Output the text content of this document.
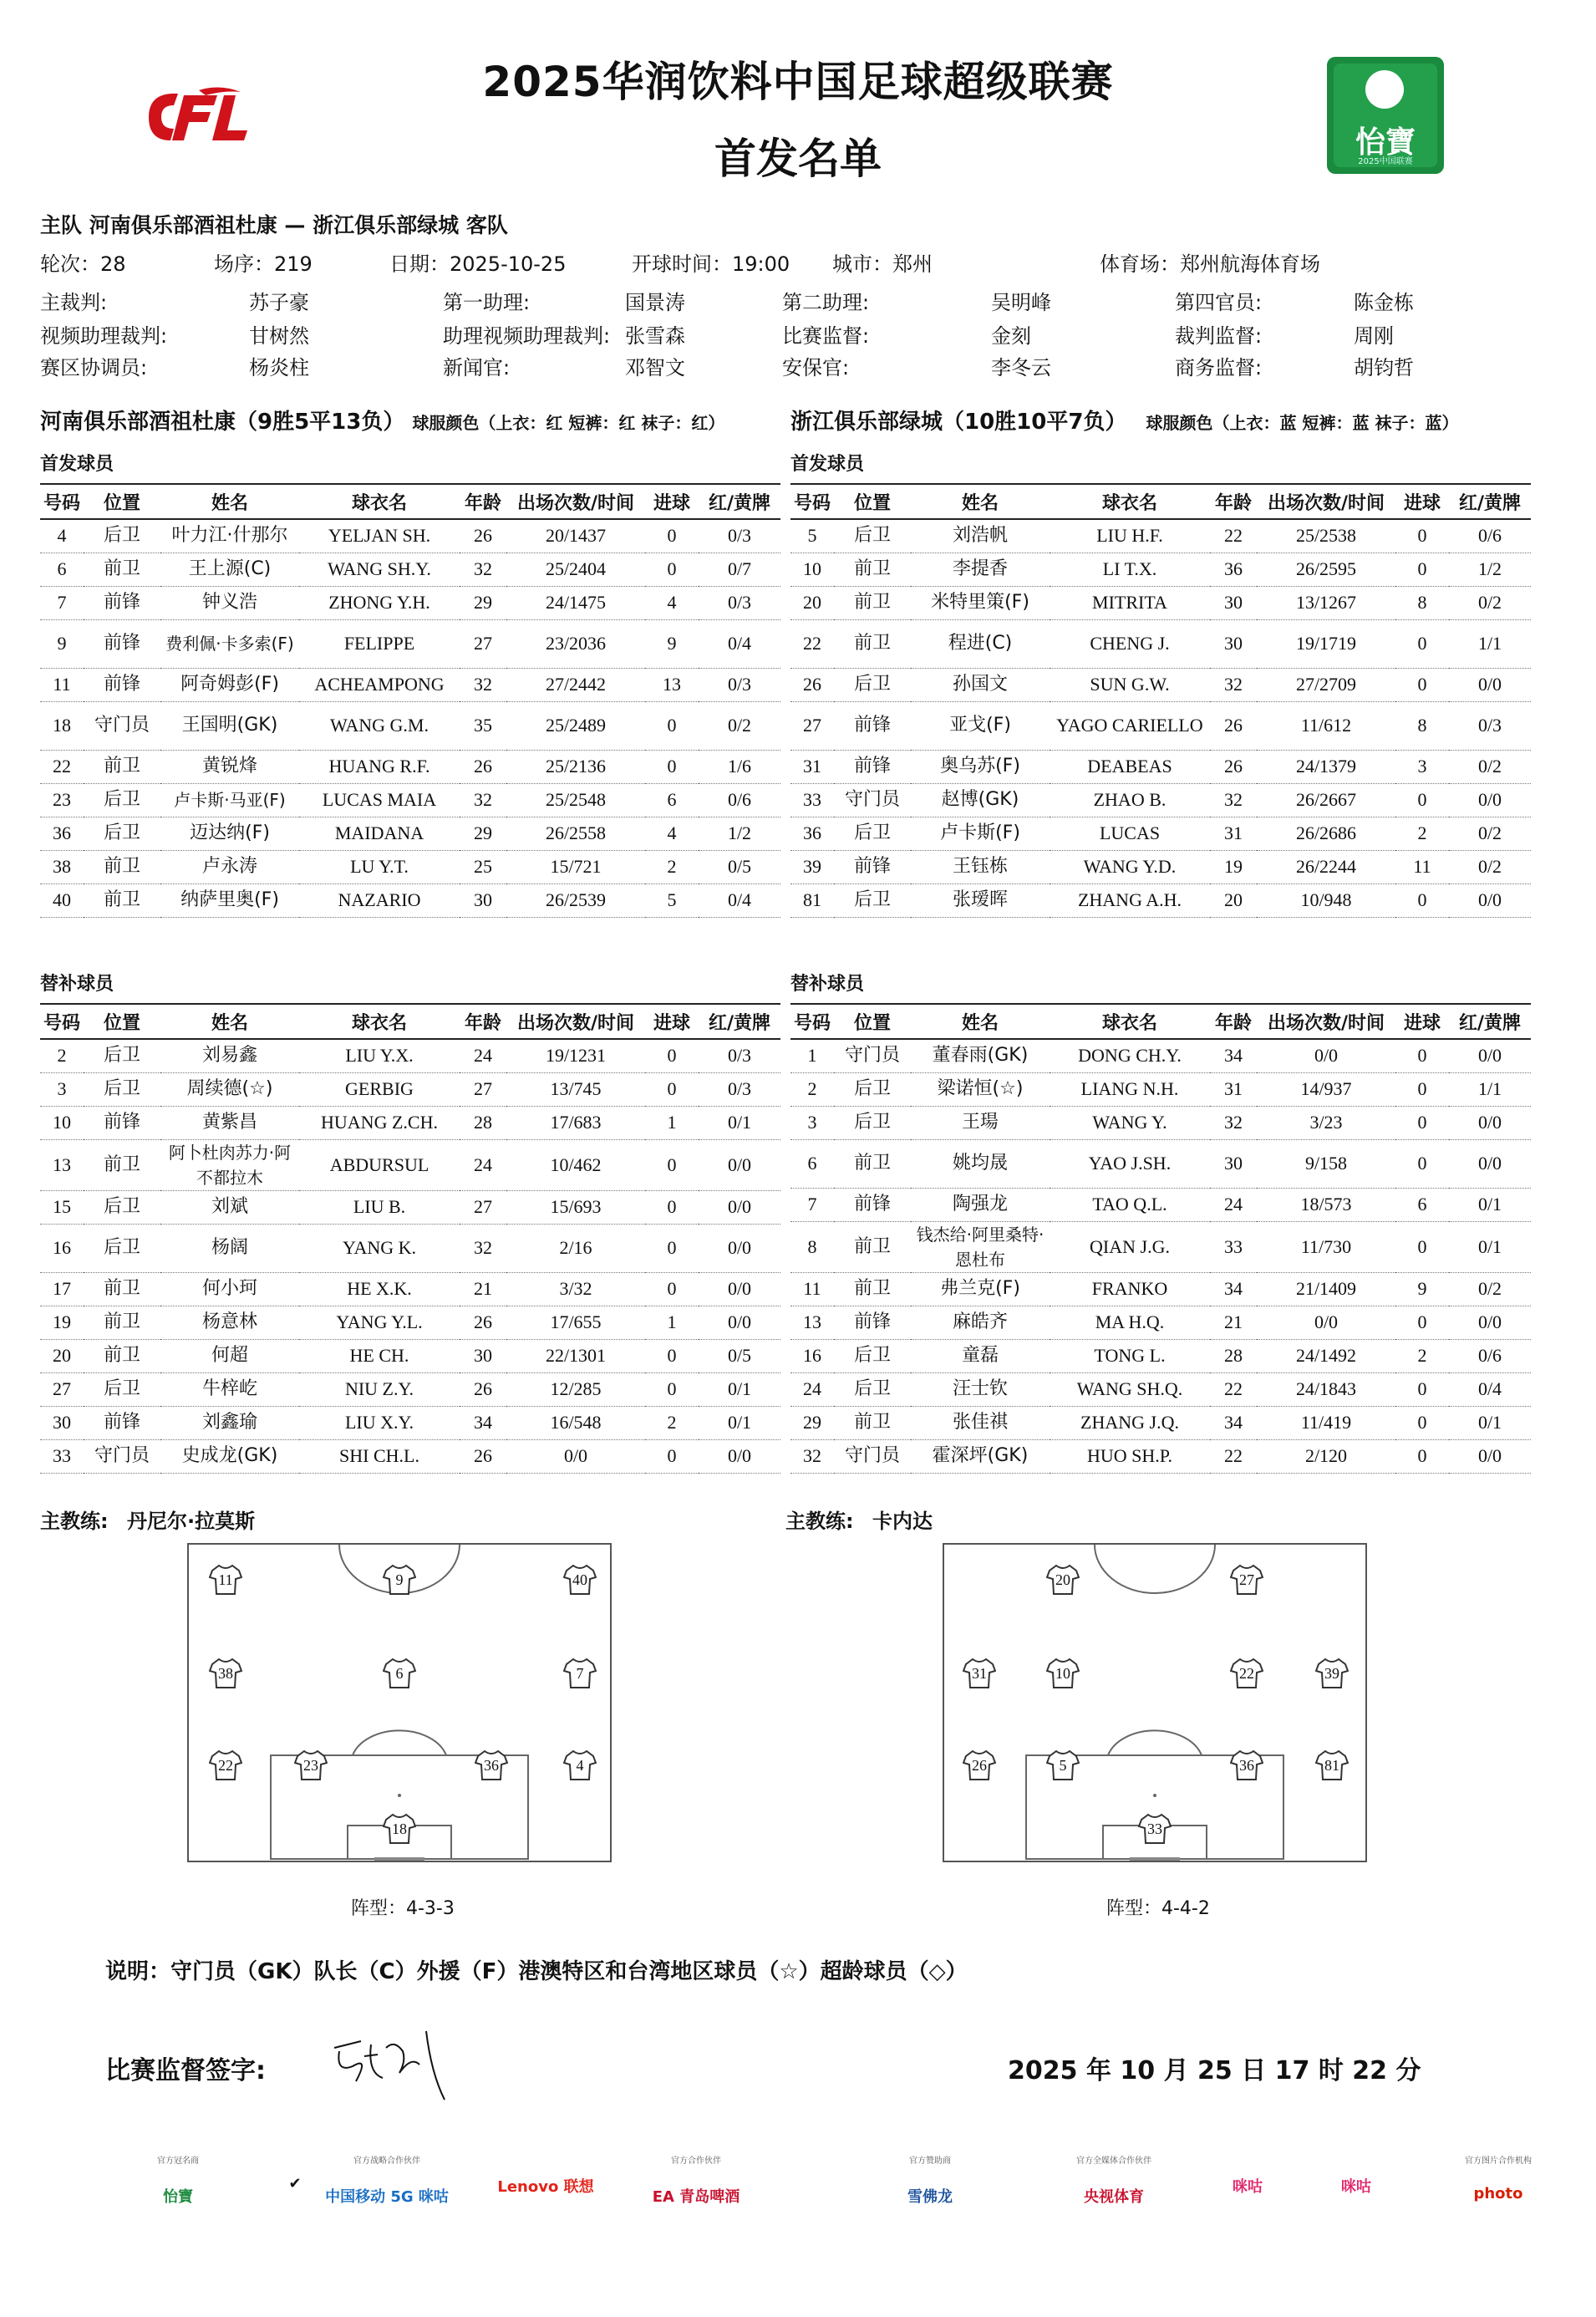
2025华润饮料中国足球超级联赛
首发名单	怡寶
2025中国联赛
主队 河南俱乐部酒祖杜康 — 浙江俱乐部绿城 客队
轮次：28	场序：219	日期：2025-10-25	开球时间：19:00 城市：郑州	体育场：郑州航海体育场
主裁判:	苏子豪	第一助理:	国景涛	第二助理:	吴明峰	第四官员:	陈金栋
视频助理裁判:	甘树然	助理视频助理裁判: 张雪森	比赛监督:	金刻	裁判监督:	周刚
赛区协调员:	杨炎柱	新闻官:	邓智文	安保官:	李冬云	商务监督:	胡钧哲
河南俱乐部酒祖杜康（9胜5平13负） 球服颜色（上衣：红 短裤：红 袜子：红）	浙江俱乐部绿城（10胜10平7负） 球服颜色（上衣：蓝 短裤：蓝 袜子：蓝）
首发球员	首发球员
替补球员	替补球员
号码	位置	姓名	球衣名	年龄	出场次数/时间	进球	红/黄牌
4	后卫	叶力江·什那尔	YELJAN SH.	26	20/1437	0	0/3
6	前卫	王上源(C)	WANG SH.Y.	32	25/2404	0	0/7
7	前锋	钟义浩	ZHONG Y.H.	29	24/1475	4	0/3
9	前锋	费利佩·卡多索(F)	FELIPPE	27	23/2036	9	0/4
11	前锋	阿奇姆彭(F)	ACHEAMPONG	32	27/2442	13	0/3
18	守门员	王国明(GK)	WANG G.M.	35	25/2489	0	0/2
22	前卫	黄锐烽	HUANG R.F.	26	25/2136	0	1/6
23	后卫	卢卡斯·马亚(F)	LUCAS MAIA	32	25/2548	6	0/6
36	后卫	迈达纳(F)	MAIDANA	29	26/2558	4	1/2
38	前卫	卢永涛	LU Y.T.	25	15/721	2	0/5
40	前卫	纳萨里奥(F)	NAZARIO	30	26/2539	5	0/4
号码	位置	姓名	球衣名	年龄	出场次数/时间	进球	红/黄牌
5	后卫	刘浩帆	LIU H.F.	22	25/2538	0	0/6
10	前卫	李提香	LI T.X.	36	26/2595	0	1/2
20	前卫	米特里策(F)	MITRITA	30	13/1267	8	0/2
22	前卫	程进(C)	CHENG J.	30	19/1719	0	1/1
26	后卫	孙国文	SUN G.W.	32	27/2709	0	0/0
27	前锋	亚戈(F)	YAGO CARIELLO	26	11/612	8	0/3
31	前锋	奥乌苏(F)	DEABEAS	26	24/1379	3	0/2
33	守门员	赵博(GK)	ZHAO B.	32	26/2667	0	0/0
36	后卫	卢卡斯(F)	LUCAS	31	26/2686	2	0/2
39	前锋	王钰栋	WANG Y.D.	19	26/2244	11	0/2
81	后卫	张瑷晖	ZHANG A.H.	20	10/948	0	0/0
号码	位置	姓名	球衣名	年龄	出场次数/时间	进球	红/黄牌
2	后卫	刘易鑫	LIU Y.X.	24	19/1231	0	0/3
3	后卫	周续德(☆)	GERBIG	27	13/745	0	0/3
10	前锋	黄紫昌	HUANG Z.CH.	28	17/683	1	0/1
13	前卫	阿卜杜肉苏力·阿不都拉木	ABDURSUL	24	10/462	0	0/0
15	后卫	刘斌	LIU B.	27	15/693	0	0/0
16	后卫	杨阔	YANG K.	32	2/16	0	0/0
17	前卫	何小珂	HE X.K.	21	3/32	0	0/0
19	前卫	杨意林	YANG Y.L.	26	17/655	1	0/0
20	前卫	何超	HE CH.	30	22/1301	0	0/5
27	后卫	牛梓屹	NIU Z.Y.	26	12/285	0	0/1
30	前锋	刘鑫瑜	LIU X.Y.	34	16/548	2	0/1
33	守门员	史成龙(GK)	SHI CH.L.	26	0/0	0	0/0
号码	位置	姓名	球衣名	年龄	出场次数/时间	进球	红/黄牌
1	守门员	董春雨(GK)	DONG CH.Y.	34	0/0	0	0/0
2	后卫	梁诺恒(☆)	LIANG N.H.	31	14/937	0	1/1
3	后卫	王瑒	WANG Y.	32	3/23	0	0/0
6	前卫	姚均晟	YAO J.SH.	30	9/158	0	0/0
7	前锋	陶强龙	TAO Q.L.	24	18/573	6	0/1
8	前卫	钱杰给·阿里桑特·恩杜布	QIAN J.G.	33	11/730	0	0/1
11	前卫	弗兰克(F)	FRANKO	34	21/1409	9	0/2
13	前锋	麻皓齐	MA H.Q.	21	0/0	0	0/0
16	后卫	童磊	TONG L.	28	24/1492	2	0/6
24	后卫	汪士钦	WANG SH.Q.	22	24/1843	0	0/4
29	前卫	张佳祺	ZHANG J.Q.	34	11/419	0	0/1
32	守门员	霍深坪(GK)	HUO SH.P.	22	2/120	0	0/0
主教练: 丹尼尔·拉莫斯	主教练: 卡内达
4
6	7
9
11
18
22	23	36
38
40
5
10
20
22
26
27
31
33
36
39
81
阵型：4-3-3	阵型：4-4-2
说明：守门员（GK）队长（C）外援（F）港澳特区和台湾地区球员（☆）超龄球员（◇）
比赛监督签字:	2025 年 10 月 25 日 17 时 22 分
官方冠名商
怡寶
✔
官方战略合作伙伴
中国移动 5G 咪咕
Lenovo 联想
官方合作伙伴
EA 青岛啤酒
官方赞助商
雪佛龙
官方全媒体合作伙伴
央视体育
咪咕	咪咕
官方图片合作机构
photo
